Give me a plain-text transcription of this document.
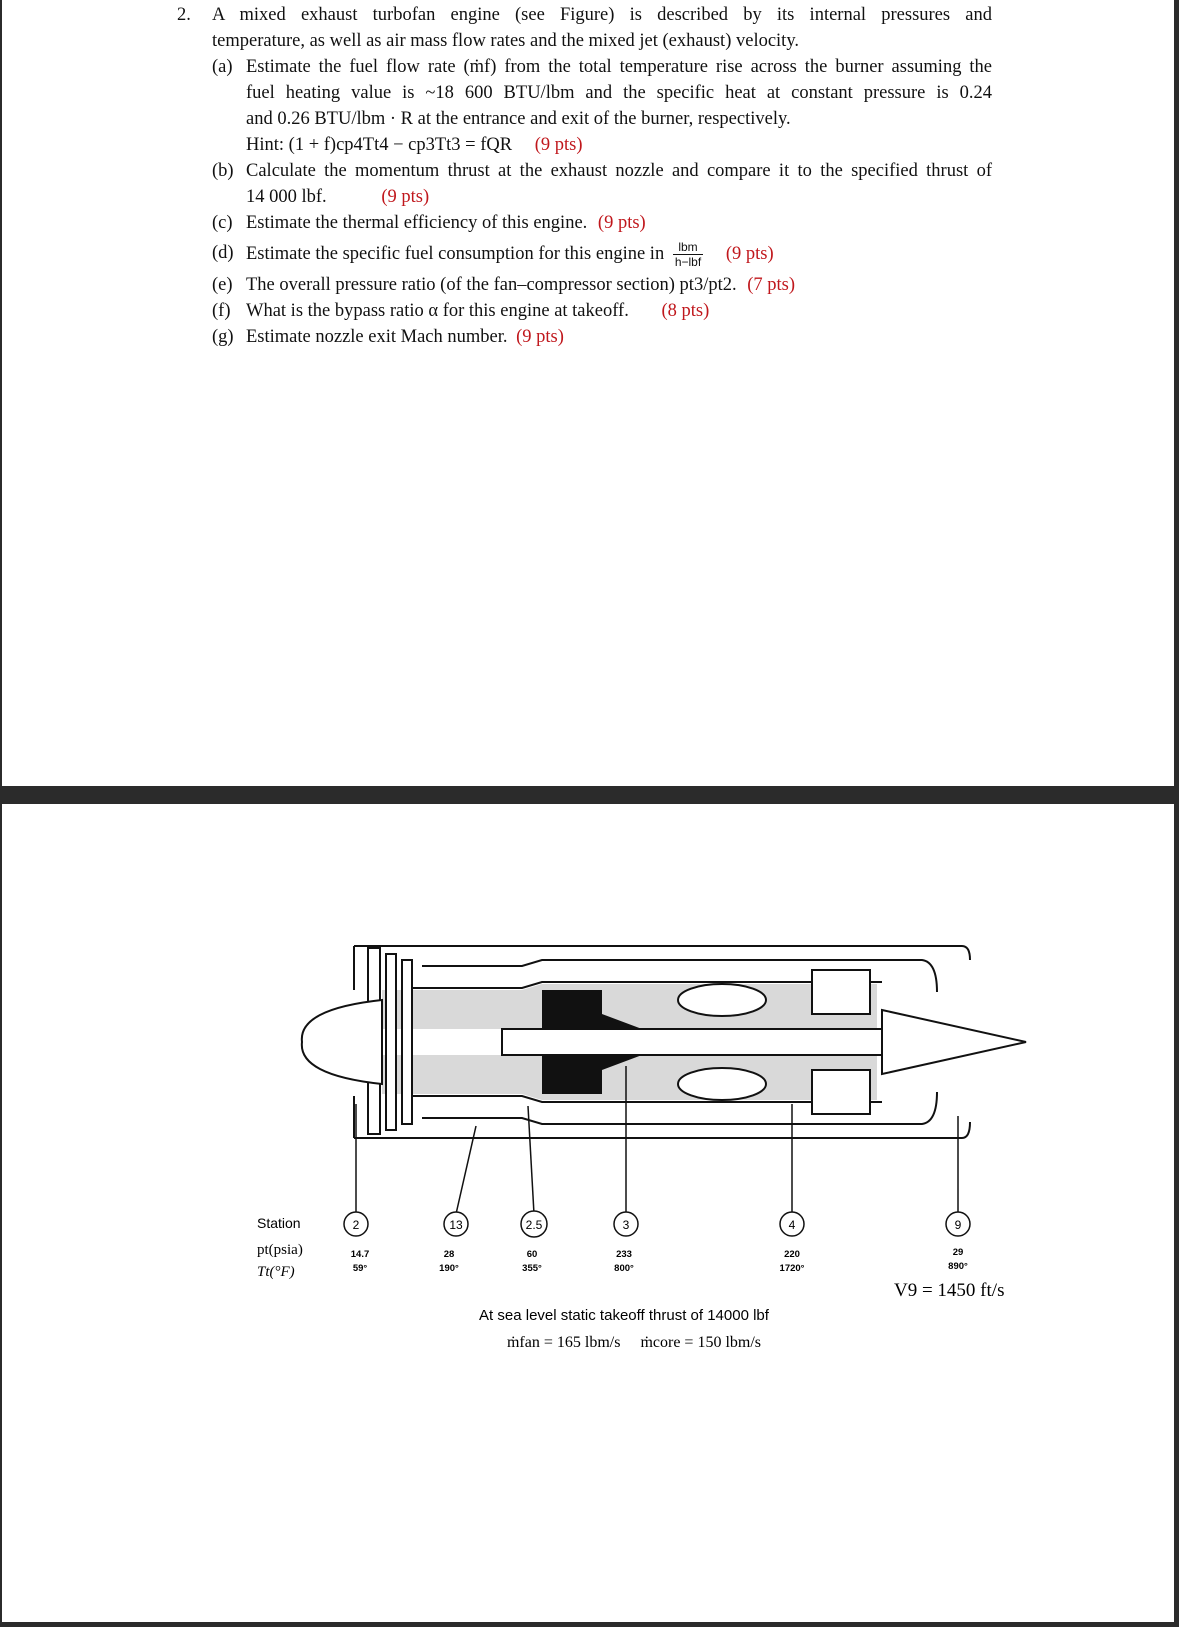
2. A mixed exhaust turbofan engine (see Figure) is described by its internal pressures and
temperature, as well as air mass flow rates and the mixed jet (exhaust) velocity.
(a) Estimate the fuel flow rate (ṁf) from the total temperature rise across the burner assuming the
fuel heating value is ~18 600 BTU/lbm and the specific heat at constant pressure is 0.24
and 0.26 BTU/lbm · R at the entrance and exit of the burner, respectively.
Hint: (1 + f)cp4Tt4 − cp3Tt3 = fQR (9 pts)
(b) Calculate the momentum thrust at the exhaust nozzle and compare it to the specified thrust of
14 000 lbf.	(9 pts)
(c) Estimate the thermal efficiency of this engine. (9 pts)
(d) Estimate the specific fuel consumption for this engine in $\frac{\text{lbm}}{\text{h−lbf}} (9$ pts)
(e) The overall pressure ratio (of the fan–compressor section) pt3/pt2. (7 pts)
(f) What is the bypass ratio α for this engine at takeoff. (8 pts)
(g) Estimate nozzle exit Mach number. (9 pts)
Station
pt(psia)
Tt(°F)
2
14.7
59°
13
28
190°
2.5
60
355°
3
233
800°
4
220
1720°
9
29
890°
V9 = 1450 ft/s
At sea level static takeoff thrust of 14000 lbf
ṁfan = 165 lbm/s     ṁcore = 150 lbm/s
